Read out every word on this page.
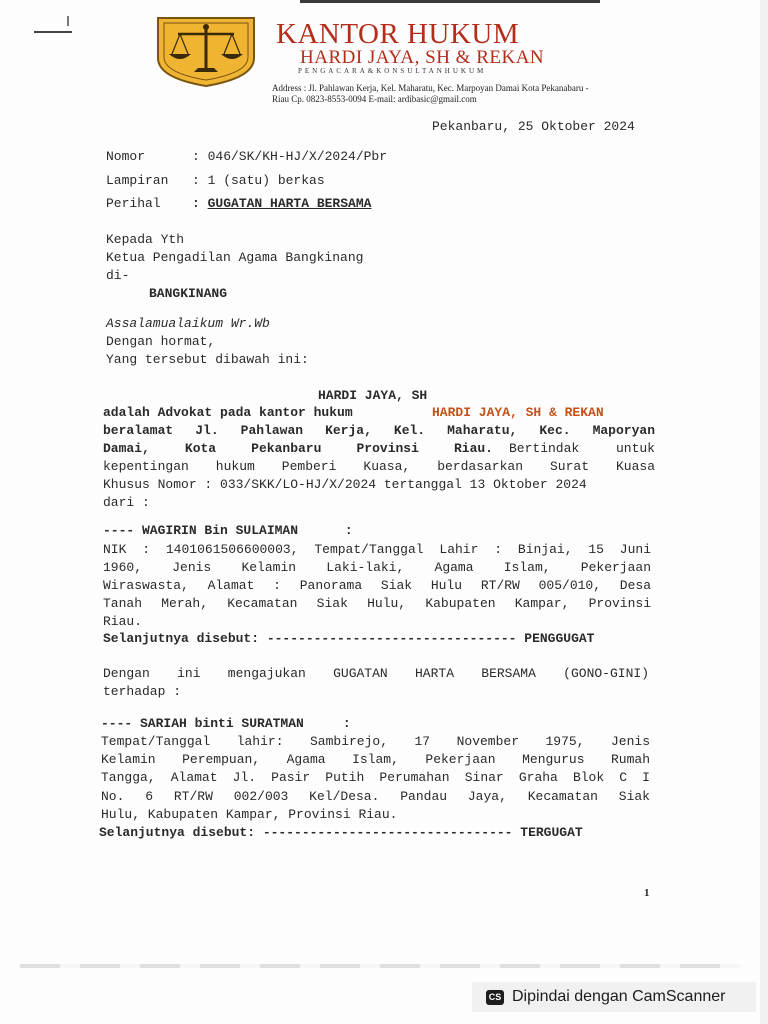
KANTOR HUKUM
HARDI JAYA, SH & REKAN
PENGACARA&KONSULTANHUKUM
Address : Jl. Pahlawan Kerja, Kel. Maharatu, Kec. Marpoyan Damai Kota Pekanabaru -
Riau Cp. 0823-8553-0094 E-mail: ardibasic@gmail.com
Pekanbaru, 25 Oktober 2024
Nomor	: 046/SK/KH-HJ/X/2024/Pbr
Lampiran : 1 (satu) berkas
Perihal : GUGATAN HARTA BERSAMA
Kepada Yth
Ketua Pengadilan Agama Bangkinang
di-
BANGKINANG
Assalamualaikum Wr.Wb
Dengan hormat,
Yang tersebut dibawah ini:
HARDI JAYA, SH
adalah Advokat pada kantor hukum	HARDI JAYA, SH & REKAN
beralamat Jl. Pahlawan Kerja, Kel. Maharatu, Kec. Maporyan
Damai, Kota Pekanbaru Provinsi Riau. Bertindak untuk
kepentingan hukum Pemberi Kuasa, berdasarkan Surat Kuasa
Khusus Nomor : 033/SKK/LO-HJ/X/2024 tertanggal 13 Oktober 2024
dari :
---- WAGIRIN Bin SULAIMAN      :
NIK : 1401061506600003, Tempat/Tanggal Lahir : Binjai, 15 Juni
1960, Jenis Kelamin Laki-laki, Agama Islam, Pekerjaan
Wiraswasta, Alamat : Panorama Siak Hulu RT/RW 005/010, Desa
Tanah Merah, Kecamatan Siak Hulu, Kabupaten Kampar, Provinsi
Riau.
Selanjutnya disebut: -------------------------------- PENGGUGAT
Dengan ini mengajukan GUGATAN HARTA BERSAMA (GONO-GINI)
terhadap :
---- SARIAH binti SURATMAN     :
Tempat/Tanggal lahir: Sambirejo, 17 November 1975, Jenis
Kelamin Perempuan, Agama Islam, Pekerjaan Mengurus Rumah
Tangga, Alamat Jl. Pasir Putih Perumahan Sinar Graha Blok C I
No. 6 RT/RW 002/003 Kel/Desa. Pandau Jaya, Kecamatan Siak
Hulu, Kabupaten Kampar, Provinsi Riau.
Selanjutnya disebut: -------------------------------- TERGUGAT
1
CS Dipindai dengan CamScanner
